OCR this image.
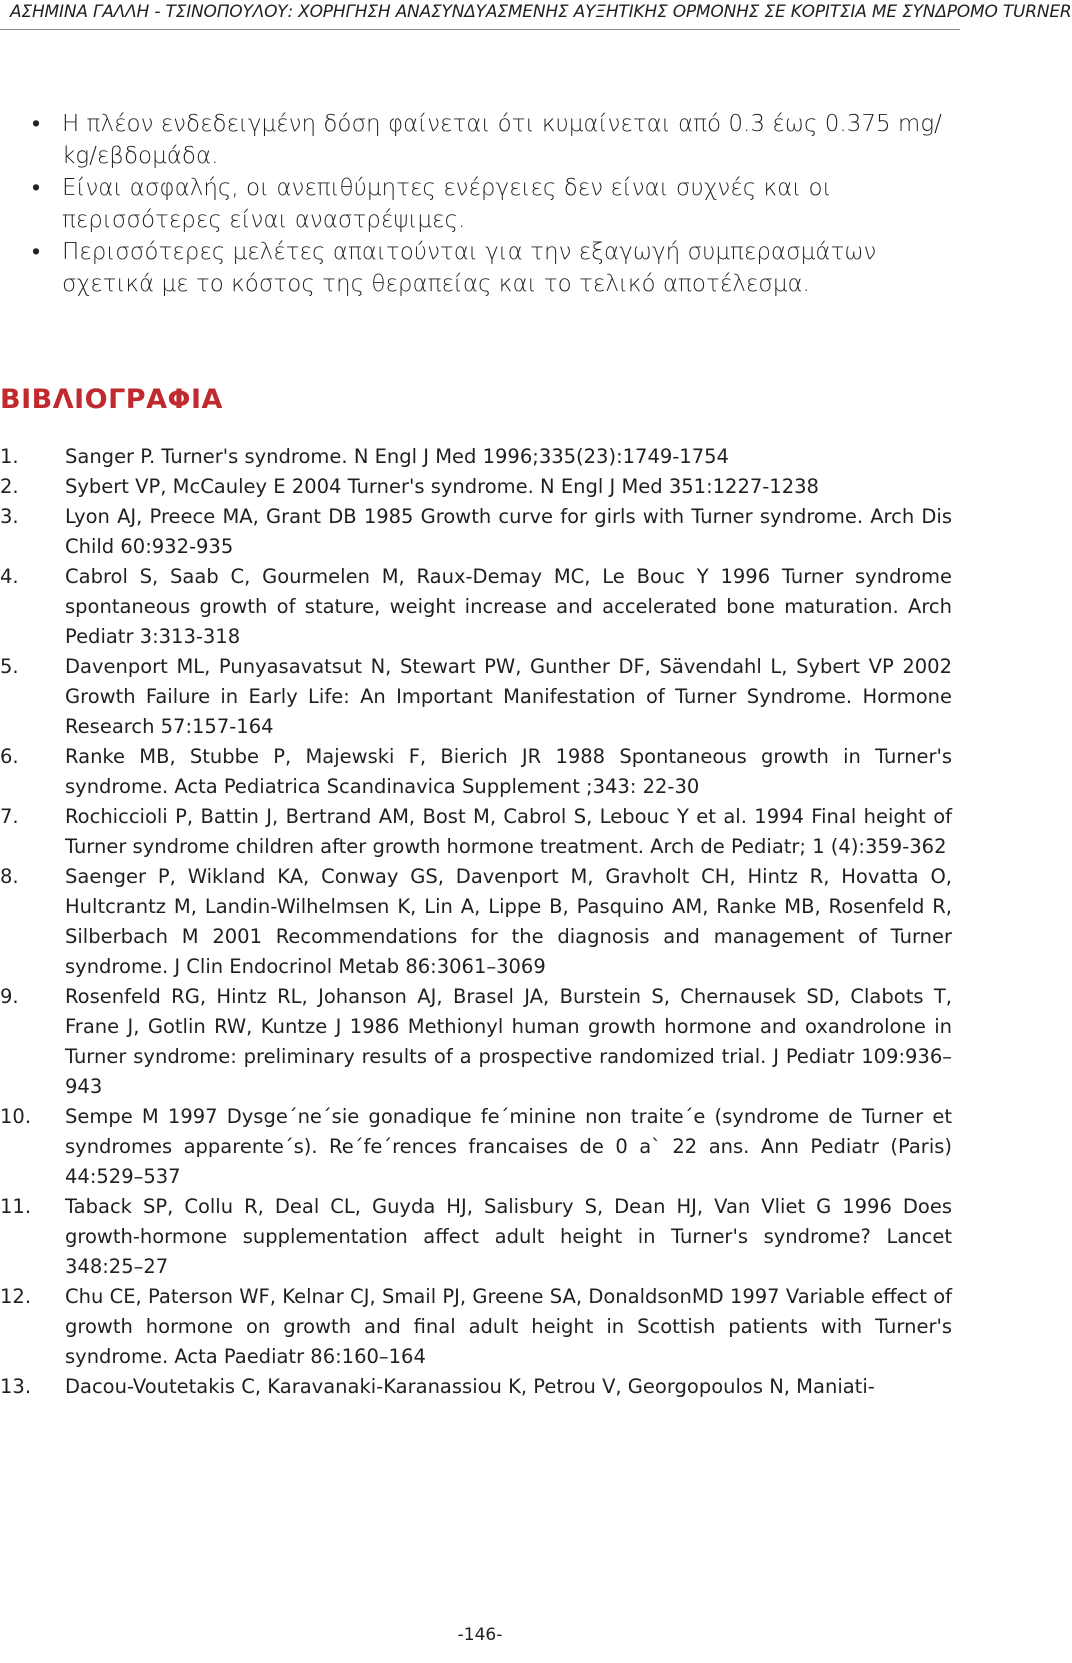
ΑΣΗΜΙΝΑ ΓΑΛΛΗ - ΤΣΙΝΟΠΟΥΛΟΥ: ΧΟΡΗΓΗΣΗ ΑΝΑΣΥΝΔΥΑΣΜΕΝΗΣ ΑΥΞΗΤΙΚΗΣ ΟΡΜΟΝΗΣ ΣΕ ΚΟΡΙΤΣΙΑ ΜΕ ΣΥΝΔΡΟΜΟ TURNER
• Η πλέον ενδεδειγμένη δόση φαίνεται ότι κυμαίνεται από 0.3 έως 0.375 mg/ kg/εβδομάδα.
• Είναι ασφαλής, οι ανεπιθύμητες ενέργειες δεν είναι συχνές και οι περισσότερες είναι αναστρέψιμες.
• Περισσότερες μελέτες απαιτούνται για την εξαγωγή συμπερασμάτων σχετικά με το κόστος της θεραπείας και το τελικό αποτέλεσμα.
ΒΙΒΛΙΟΓΡΑΦΙΑ
1. Sanger P. Turner's syndrome. N Engl J Med 1996;335(23):1749-1754
2. Sybert VP, McCauley E 2004 Turner's syndrome. N Engl J Med 351:1227-1238
3. Lyon AJ, Preece MA, Grant DB 1985 Growth curve for girls with Turner syndrome. Arch Dis Child 60:932-935
4. Cabrol S, Saab C, Gourmelen M, Raux-Demay MC, Le Bouc Y 1996 Turner syndrome spontaneous growth of stature, weight increase and accelerated bone maturation. Arch Pediatr 3:313-318
5. Davenport ML, Punyasavatsut N, Stewart PW, Gunther DF, Sävendahl L, Sybert VP 2002 Growth Failure in Early Life: An Important Manifestation of Turner Syndrome. Hormone Research 57:157-164
6. Ranke MB, Stubbe P, Majewski F, Bierich JR 1988 Spontaneous growth in Turner's syndrome. Acta Pediatrica Scandinavica Supplement ;343: 22-30
7. Rochiccioli P, Battin J, Bertrand AM, Bost M, Cabrol S, Lebouc Y et al. 1994 Final height of Turner syndrome children after growth hormone treatment. Arch de Pediatr; 1 (4):359-362
8. Saenger P, Wikland KA, Conway GS, Davenport M, Gravholt CH, Hintz R, Hovatta O, Hultcrantz M, Landin-Wilhelmsen K, Lin A, Lippe B, Pasquino AM, Ranke MB, Rosenfeld R, Silberbach M 2001 Recommendations for the diagnosis and management of Turner syndrome. J Clin Endocrinol Metab 86:3061–3069
9. Rosenfeld RG, Hintz RL, Johanson AJ, Brasel JA, Burstein S, Chernausek SD, Clabots T, Frane J, Gotlin RW, Kuntze J 1986 Methionyl human growth hormone and oxandrolone in Turner syndrome: preliminary results of a prospective randomized trial. J Pediatr 109:936–943
10. Sempe M 1997 Dysge´ne´sie gonadique fe´minine non traite´e (syndrome de Turner et syndromes apparente´s). Re´fe´rences francaises de 0 a` 22 ans. Ann Pediatr (Paris) 44:529–537
11. Taback SP, Collu R, Deal CL, Guyda HJ, Salisbury S, Dean HJ, Van Vliet G 1996 Does growth-hormone supplementation affect adult height in Turner's syndrome? Lancet 348:25–27
12. Chu CE, Paterson WF, Kelnar CJ, Smail PJ, Greene SA, DonaldsonMD 1997 Variable effect of growth hormone on growth and final adult height in Scottish patients with Turner's syndrome. Acta Paediatr 86:160–164
13. Dacou-Voutetakis C, Karavanaki-Karanassiou K, Petrou V, Georgopoulos N, Maniati-
-146-
